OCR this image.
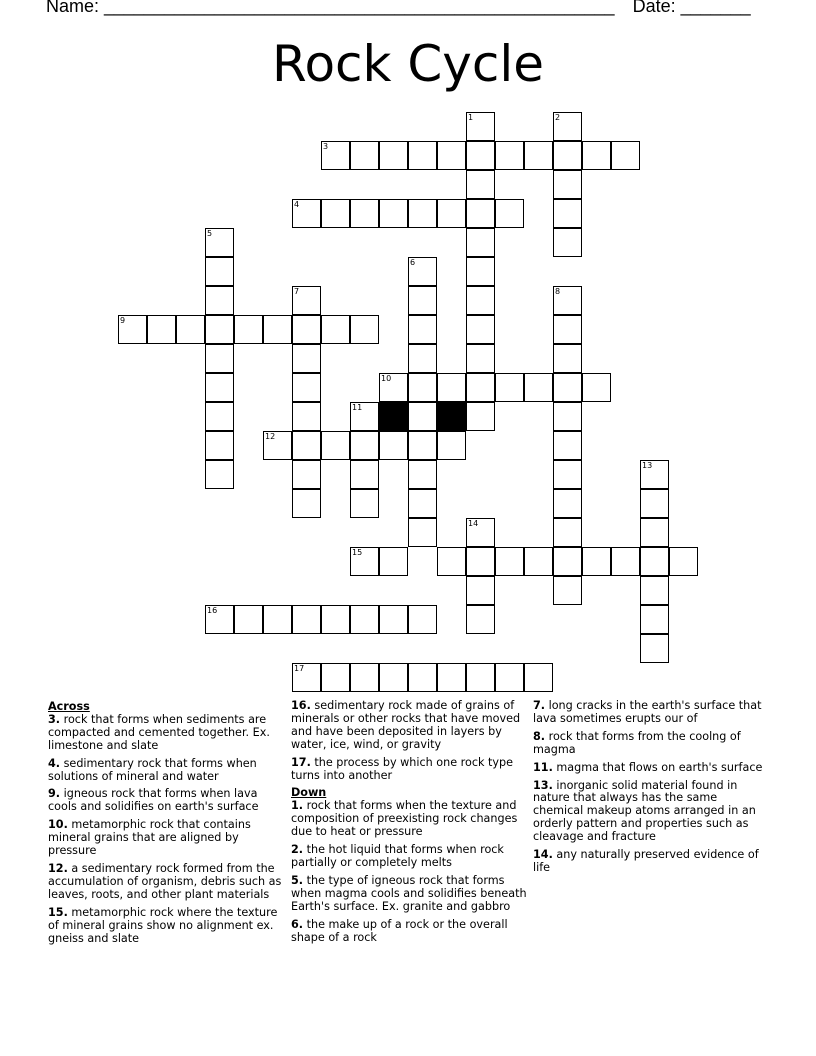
Name: ___________________________________________________ Date: _______
Rock Cycle
1	2
3
4
5
6
7	8
9
10
11
12
13
14
15
16
17
Across
3. rock that forms when sediments are compacted and cemented together. Ex. limestone and slate
4. sedimentary rock that forms when solutions of mineral and water
9. igneous rock that forms when lava cools and solidifies on earth's surface
10. metamorphic rock that contains mineral grains that are aligned by pressure
12. a sedimentary rock formed from the accumulation of organism, debris such as leaves, roots, and other plant materials
15. metamorphic rock where the texture of mineral grains show no alignment ex. gneiss and slate
16. sedimentary rock made of grains of minerals or other rocks that have moved and have been deposited in layers by water, ice, wind, or gravity
17. the process by which one rock type turns into another
Down
1. rock that forms when the texture and composition of preexisting rock changes due to heat or pressure
2. the hot liquid that forms when rock partially or completely melts
5. the type of igneous rock that forms when magma cools and solidifies beneath Earth's surface. Ex. granite and gabbro
6. the make up of a rock or the overall shape of a rock
7. long cracks in the earth's surface that lava sometimes erupts our of
8. rock that forms from the coolng of magma
11. magma that flows on earth's surface
13. inorganic solid material found in nature that always has the same chemical makeup atoms arranged in an orderly pattern and properties such as cleavage and fracture
14. any naturally preserved evidence of life
